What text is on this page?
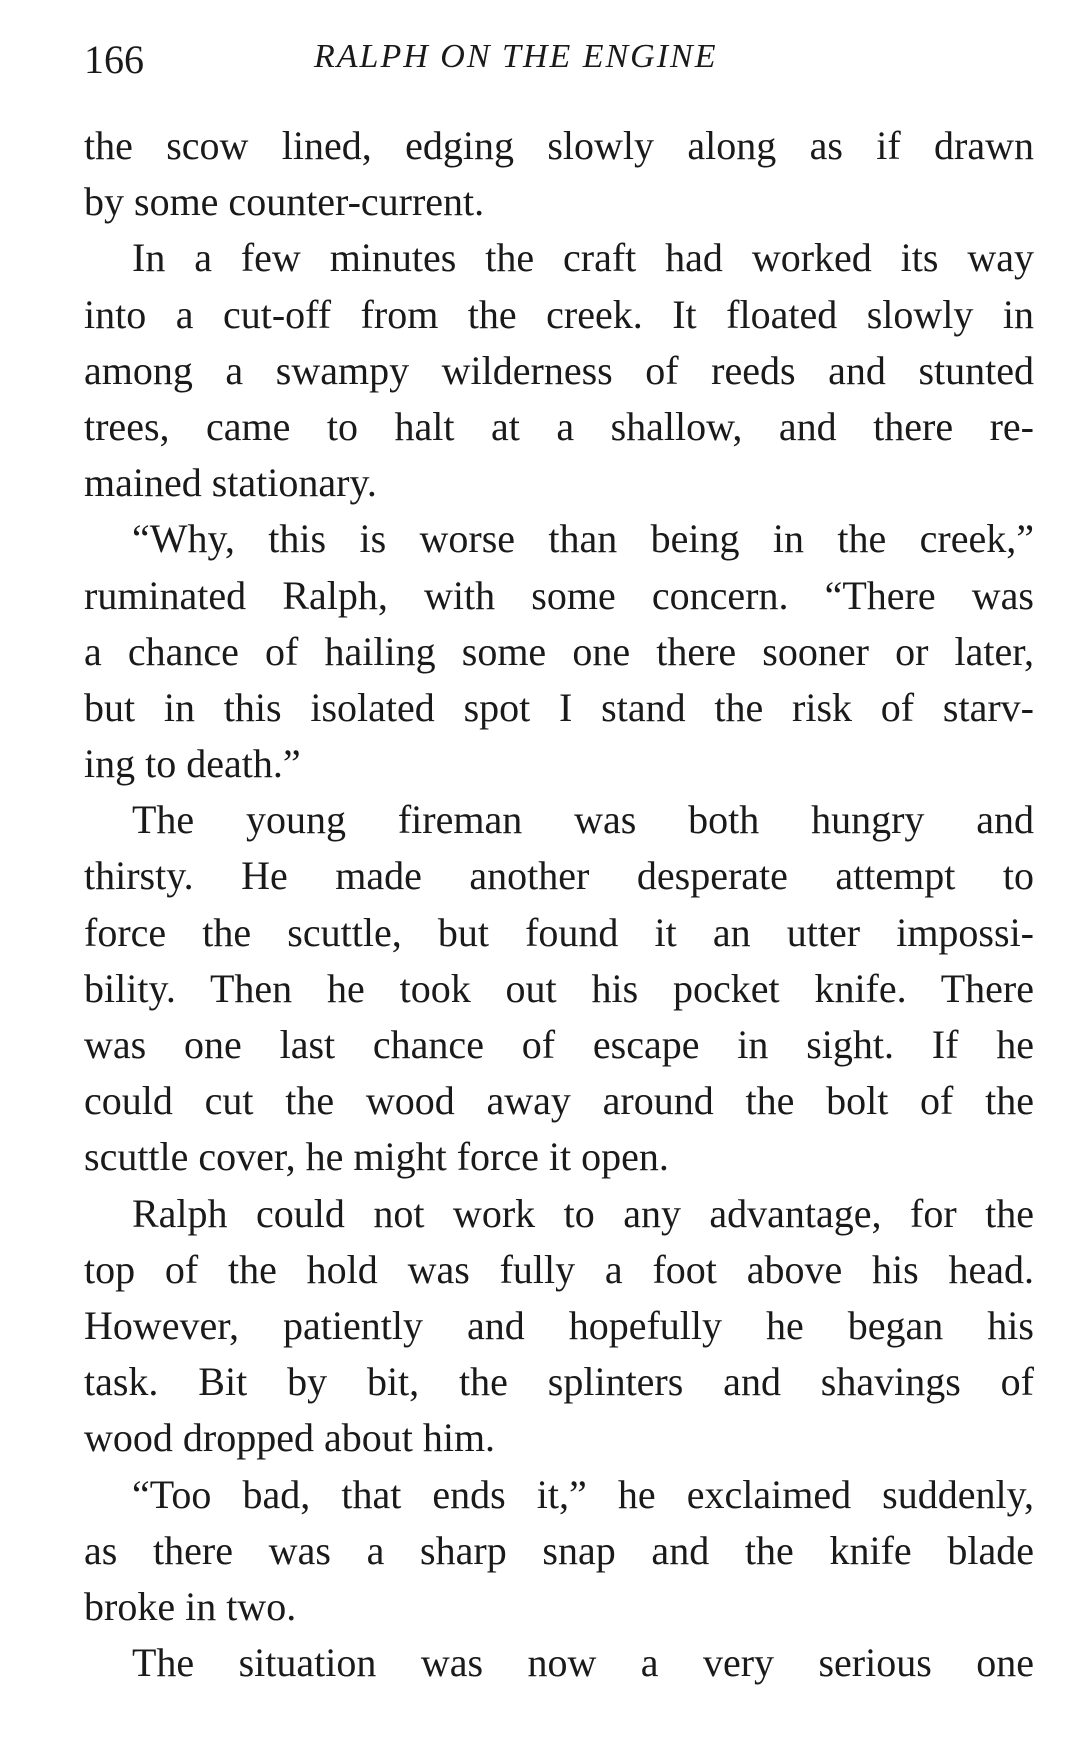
166	RALPH ON THE ENGINE
the scow lined, edging slowly along as if drawn
by some counter-current.
In a few minutes the craft had worked its way
into a cut-off from the creek. It floated slowly in
among a swampy wilderness of reeds and stunted
trees, came to halt at a shallow, and there re-
mained stationary.
“Why, this is worse than being in the creek,”
ruminated Ralph, with some concern. “There was
a chance of hailing some one there sooner or later,
but in this isolated spot I stand the risk of starv-
ing to death.”
The young fireman was both hungry and
thirsty. He made another desperate attempt to
force the scuttle, but found it an utter impossi-
bility. Then he took out his pocket knife. There
was one last chance of escape in sight. If he
could cut the wood away around the bolt of the
scuttle cover, he might force it open.
Ralph could not work to any advantage, for the
top of the hold was fully a foot above his head.
However, patiently and hopefully he began his
task. Bit by bit, the splinters and shavings of
wood dropped about him.
“Too bad, that ends it,” he exclaimed suddenly,
as there was a sharp snap and the knife blade
broke in two.
The situation was now a very serious one
